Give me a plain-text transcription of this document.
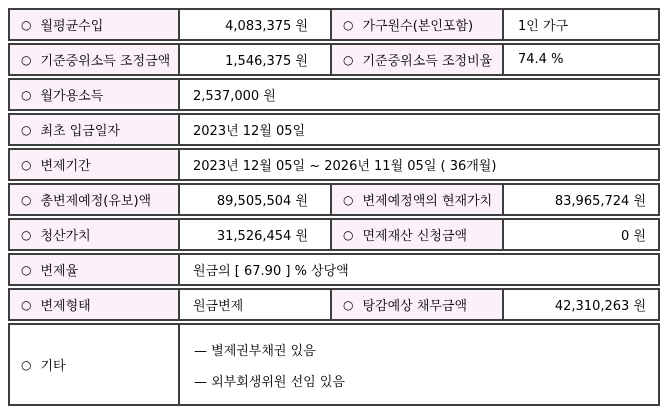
○ 월평균수입	4,083,375 원	○ 가구원수(본인포함)	1인 가구
○ 기준중위소득 조정금액	1,546,375 원	○ 기준중위소득 조정비율	74.4 %
○ 월가용소득	2,537,000 원		
○ 최초 입금일자	2023년 12월 05일		
○ 변제기간	2023년 12월 05일 ~ 2026년 11월 05일 ( 36개월)		
○ 총변제예정(유보)액	89,505,504 원	○ 변제예정액의 현재가치	83,965,724 원
○ 청산가치	31,526,454 원	○ 면제재산 신청금액	0 원
○ 변제율	원금의 [ 67.90 ] % 상당액		
○ 변제형태	원금변제	○ 탕감예상 채무금액	42,310,263 원
○ 기타	— 별제권부채권 있음
— 외부회생위원 선임 있음		
